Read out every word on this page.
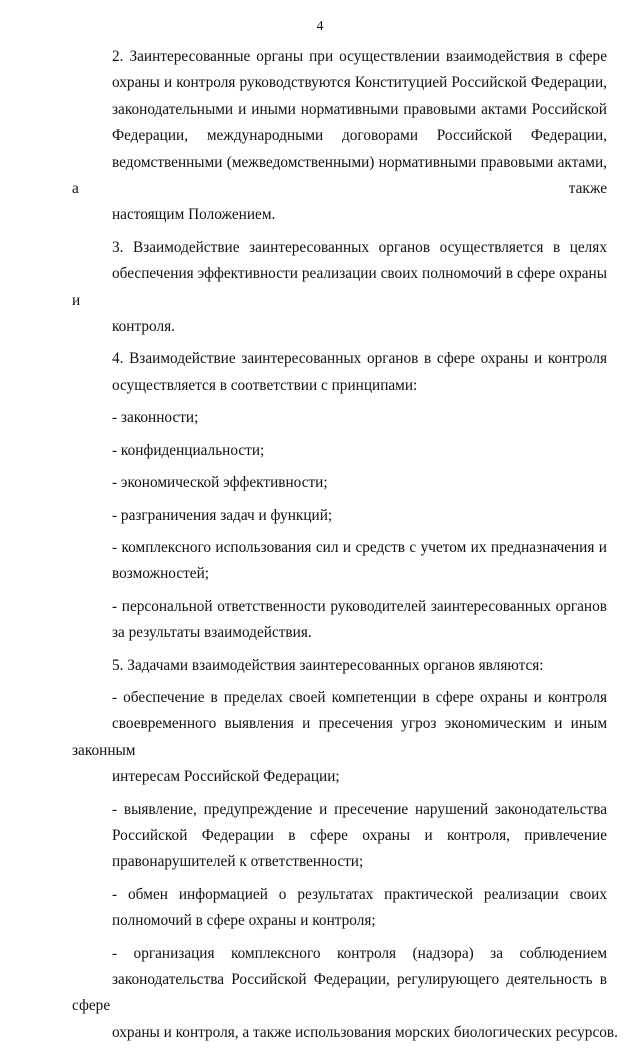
4
2. Заинтересованные органы при осуществлении взаимодействия в сфере
охраны и контроля руководствуются Конституцией Российской Федерации,
законодательными и иными нормативными правовыми актами Российской
Федерации, международными договорами Российской Федерации,
ведомственными (межведомственными) нормативными правовыми актами, а также
настоящим Положением.
3. Взаимодействие заинтересованных органов осуществляется в целях
обеспечения эффективности реализации своих полномочий в сфере охраны и
контроля.
4. Взаимодействие заинтересованных органов в сфере охраны и контроля
осуществляется в соответствии с принципами:
- законности;
- конфиденциальности;
- экономической эффективности;
- разграничения задач и функций;
- комплексного использования сил и средств с учетом их предназначения и
возможностей;
- персональной ответственности руководителей заинтересованных органов
за результаты взаимодействия.
5. Задачами взаимодействия заинтересованных органов являются:
- обеспечение в пределах своей компетенции в сфере охраны и контроля
своевременного выявления и пресечения угроз экономическим и иным законным
интересам Российской Федерации;
- выявление, предупреждение и пресечение нарушений законодательства
Российской Федерации в сфере охраны и контроля, привлечение
правонарушителей к ответственности;
- обмен информацией о результатах практической реализации своих
полномочий в сфере охраны и контроля;
- организация комплексного контроля (надзора) за соблюдением
законодательства Российской Федерации, регулирующего деятельность в сфере
охраны и контроля, а также использования морских биологических ресурсов.
